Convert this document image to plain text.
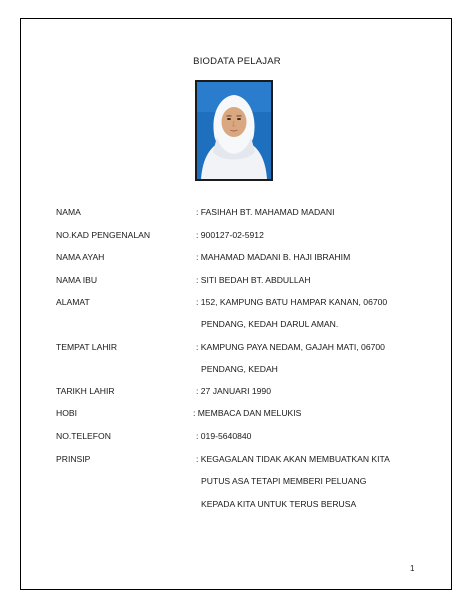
BIODATA PELAJAR
NAMA	: FASIHAH BT. MAHAMAD MADANI
NO.KAD PENGENALAN	: 900127-02-5912
NAMA AYAH	: MAHAMAD MADANI B. HAJI IBRAHIM
NAMA IBU	: SITI BEDAH BT. ABDULLAH
ALAMAT	: 152, KAMPUNG BATU HAMPAR KANAN, 06700
PENDANG, KEDAH DARUL AMAN.
TEMPAT LAHIR	: KAMPUNG PAYA NEDAM, GAJAH MATI, 06700
PENDANG, KEDAH
TARIKH LAHIR	: 27 JANUARI 1990
HOBI	: MEMBACA DAN MELUKIS
NO.TELEFON	: 019-5640840
PRINSIP	: KEGAGALAN TIDAK AKAN MEMBUATKAN KITA
PUTUS ASA TETAPI MEMBERI PELUANG
KEPADA KITA UNTUK TERUS BERUSA
1
